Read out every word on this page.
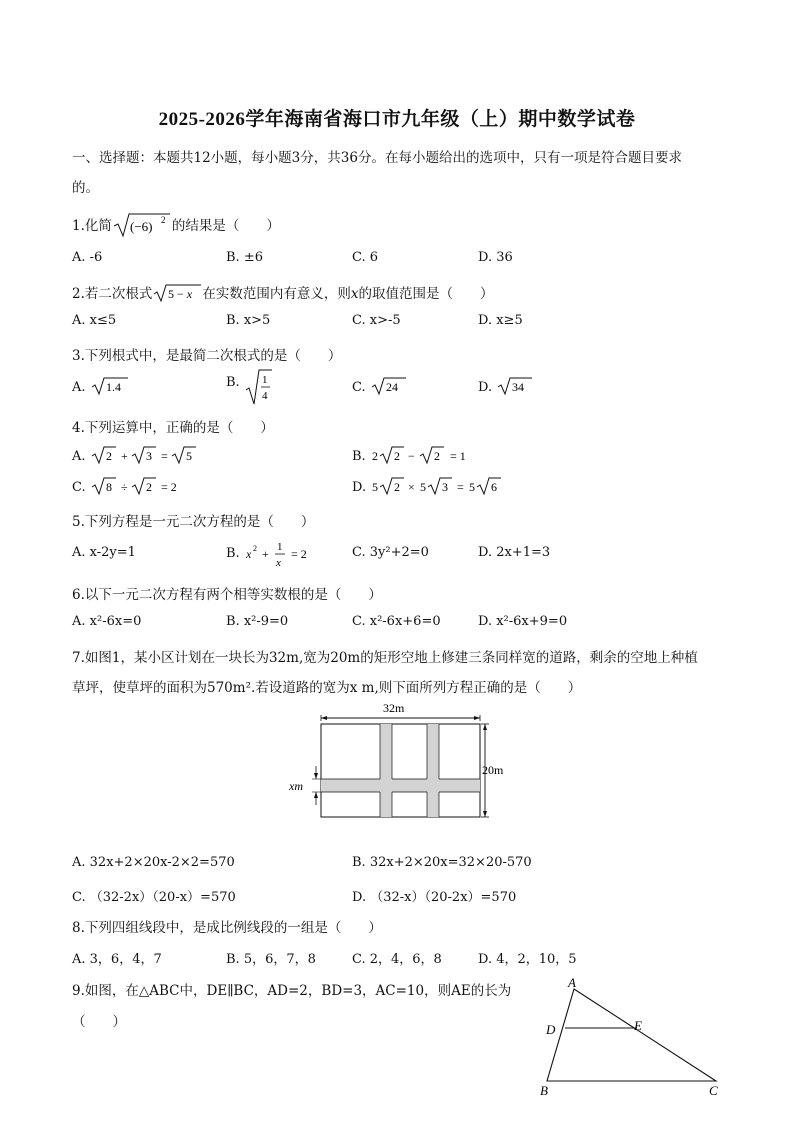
2025-2026学年海南省海口市九年级（上）期中数学试卷
一、选择题：本题共12小题，每小题3分，共36分。在每小题给出的选项中，只有一项是符合题目要求
的。
1.化简 (−6) 2 的结果是（　　）
A. -6	B. ±6	C. 6	D. 36
2.若二次根式 5 − x 在实数范围内有意义，则x的取值范围是（　　）
A. x≤5	B. x>5	C. x>-5	D. x≥5
3.下列根式中，是最简二次根式的是（　　）
A. 1.4	B. 1
4
C. 24	D. 34
4.下列运算中，正确的是（　　）
A. 2 + 3 = 5	B. 2 2 − 2 = 1
C. 8 ÷ 2 = 2	D. 5 2 × 5 3 = 5 6
5.下列方程是一元二次方程的是（　　）
A. x-2y=1	B. x 2 + 1
x
= 2	C. 3y²+2=0	D. 2x+1=3
6.以下一元二次方程有两个相等实数根的是（　　）
A. x²-6x=0	B. x²-9=0	C. x²-6x+6=0	D. x²-6x+9=0
7.如图1，某小区计划在一块长为32m,宽为20m的矩形空地上修建三条同样宽的道路，剩余的空地上种植
草坪，使草坪的面积为570m².若设道路的宽为x m,则下面所列方程正确的是（　　）
32m
20m
xm
A. 32x+2×20x-2×2=570	B. 32x+2×20x=32×20-570
C. （32-2x）（20-x）=570	D. （32-x）（20-2x）=570
8.下列四组线段中，是成比例线段的一组是（　　）
A. 3，6，4，7	B. 5，6，7，8	C. 2，4，6，8	D. 4，2，10，5
9.如图，在△ABC中，DE∥BC，AD=2，BD=3，AC=10，则AE的长为
（　　）
A
D	E
B	C
